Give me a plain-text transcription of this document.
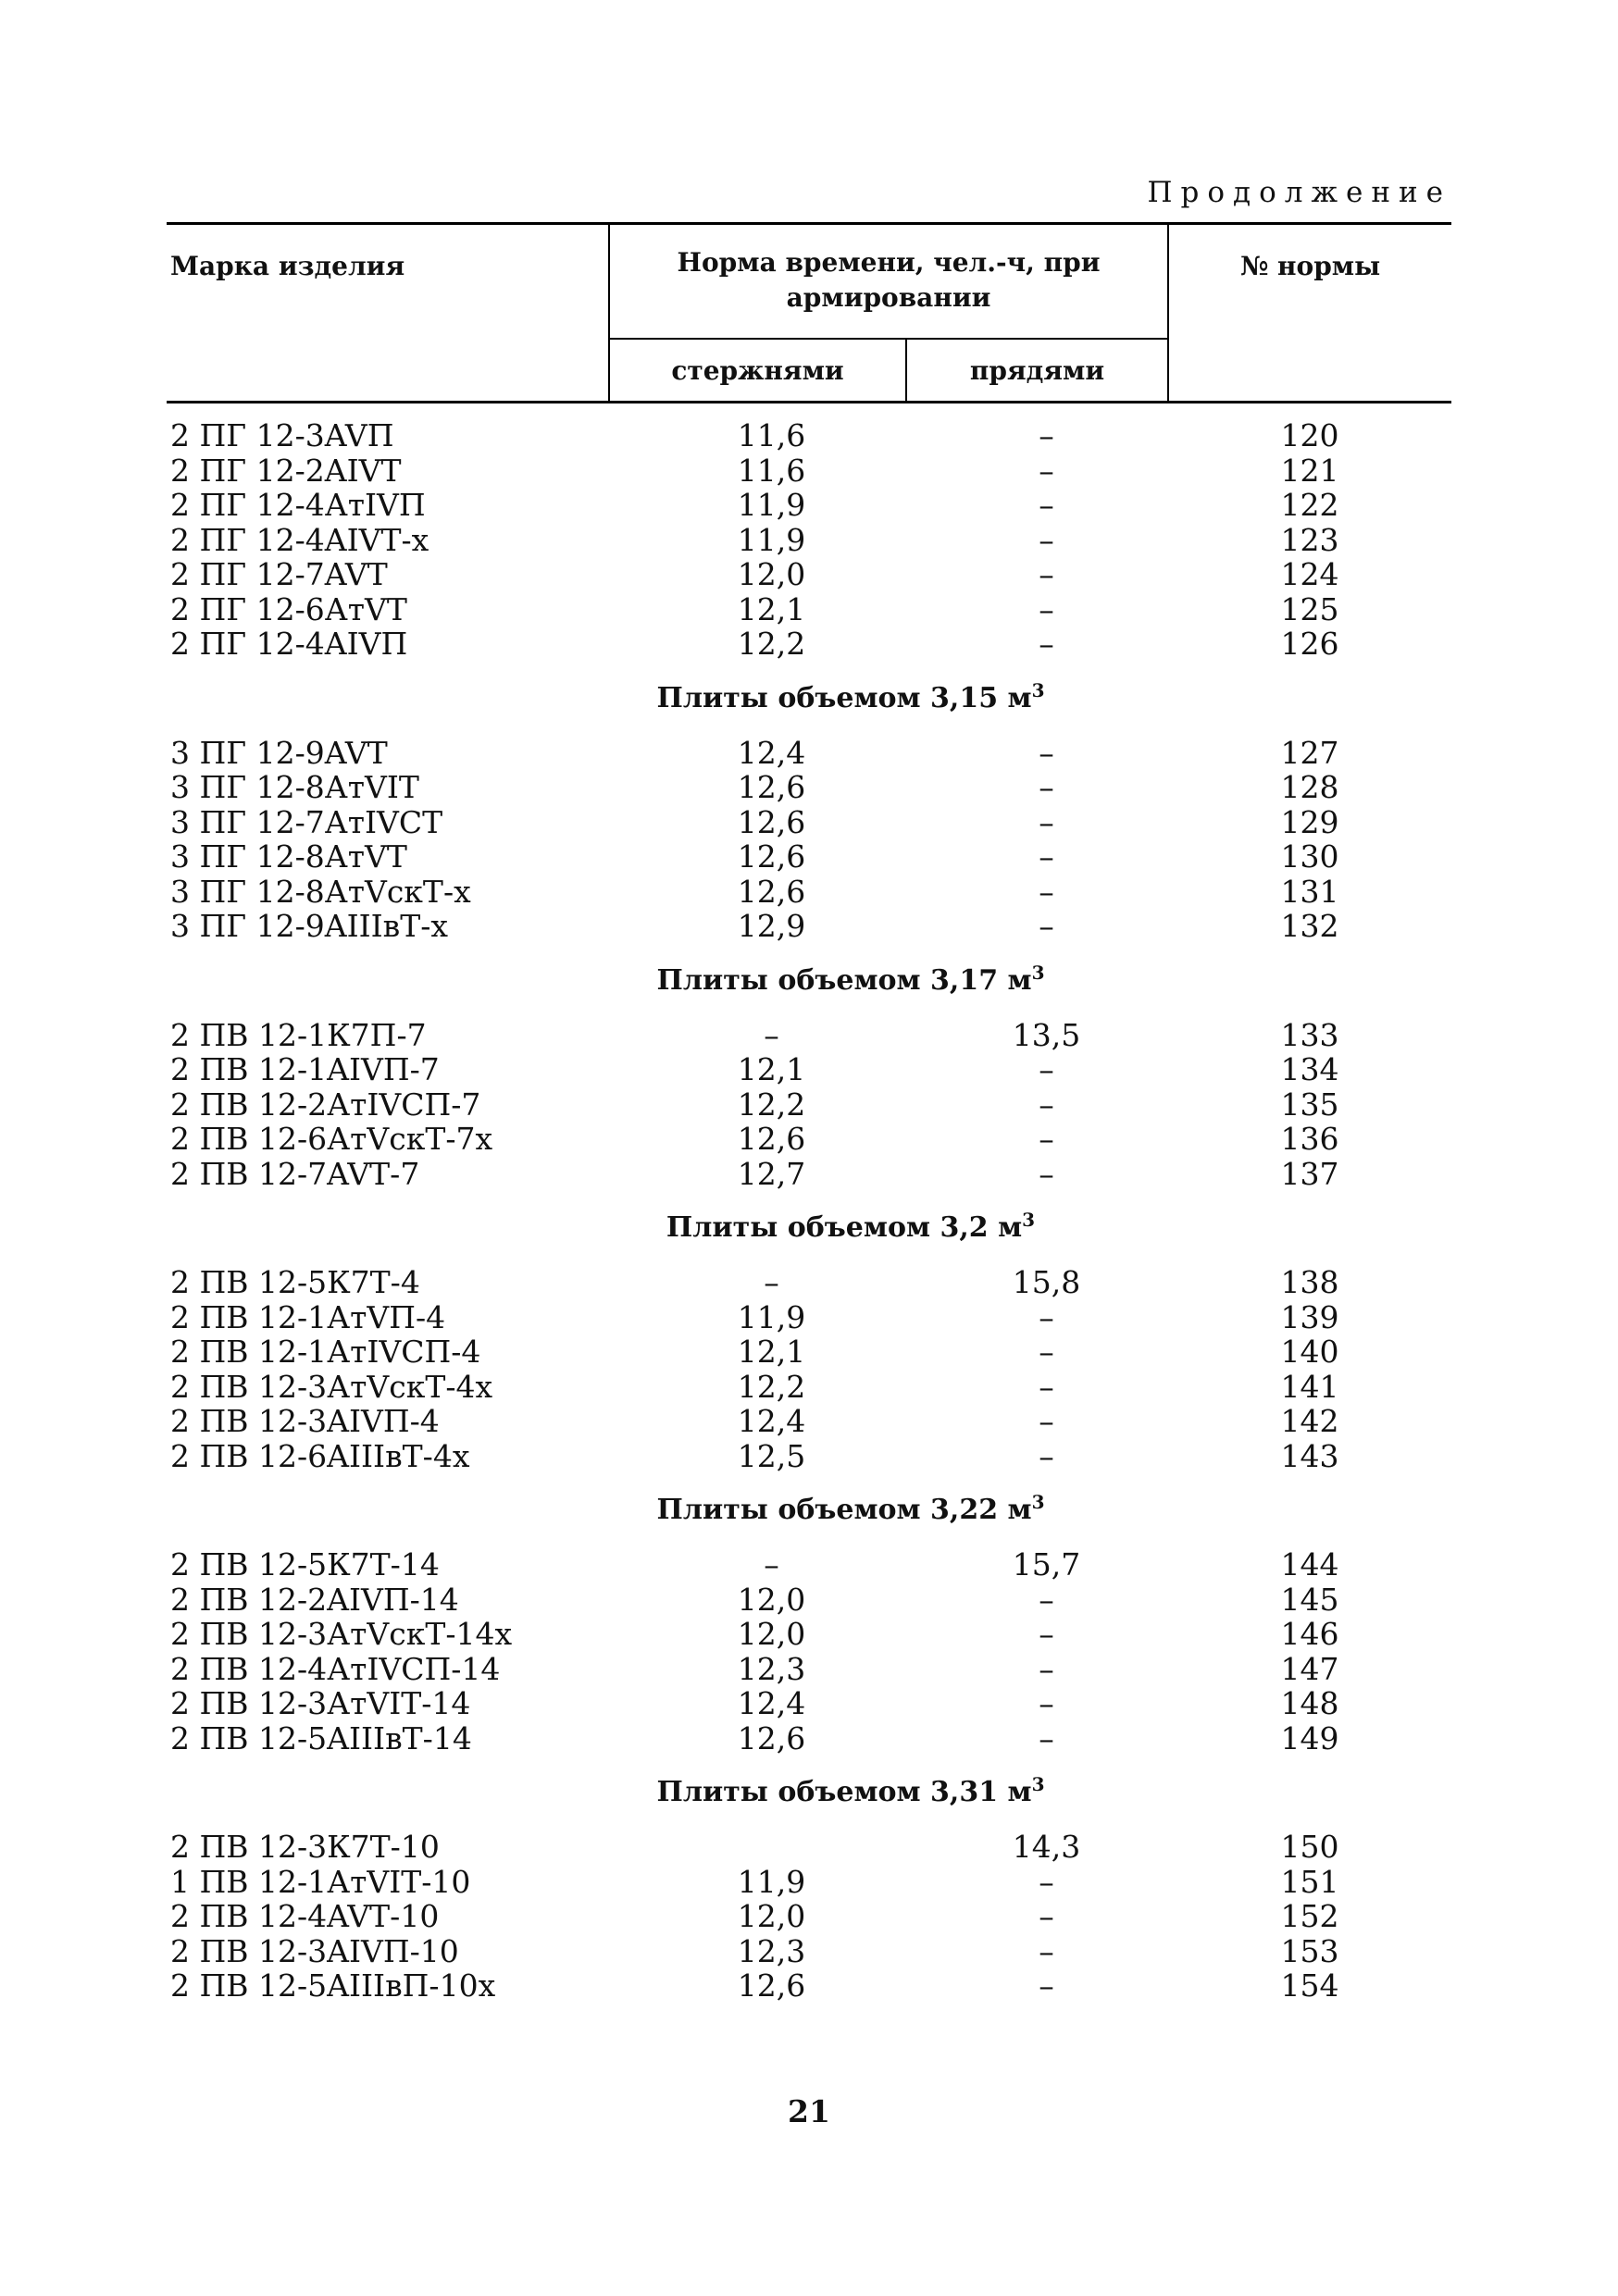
Продолжение
Марка изделия	Норма времени, чел.-ч, при армировании		№ нормы
	стержнями	прядями	
2 ПГ 12-3AVП	11,6	–	120
2 ПГ 12-2AIVТ	11,6	–	121
2 ПГ 12-4АтIVП	11,9	–	122
2 ПГ 12-4AIVТ-х	11,9	–	123
2 ПГ 12-7AVТ	12,0	–	124
2 ПГ 12-6АтVТ	12,1	–	125
2 ПГ 12-4AIVП	12,2	–	126
Плиты объемом 3,15 $м^3$
3 ПГ 12-9AVТ	12,4	–	127
3 ПГ 12-8АтVIТ	12,6	–	128
3 ПГ 12-7АтIVСТ	12,6	–	129
3 ПГ 12-8АтVТ	12,6	–	130
3 ПГ 12-8АтVскТ-х	12,6	–	131
3 ПГ 12-9AIIIвТ-х	12,9	–	132
Плиты объемом 3,17 $м^3$
2 ПВ 12-1К7П-7	–	13,5	133
2 ПВ 12-1AIVП-7	12,1	–	134
2 ПВ 12-2АтIVСП-7	12,2	–	135
2 ПВ 12-6АтVскТ-7х	12,6	–	136
2 ПВ 12-7AVТ-7	12,7	–	137
Плиты объемом 3,2 $м^3$
2 ПВ 12-5К7Т-4	–	15,8	138
2 ПВ 12-1АтVП-4	11,9	–	139
2 ПВ 12-1АтIVСП-4	12,1	–	140
2 ПВ 12-3АтVскТ-4х	12,2	–	141
2 ПВ 12-3AIVП-4	12,4	–	142
2 ПВ 12-6AIIIвТ-4х	12,5	–	143
Плиты объемом 3,22 $м^3$
2 ПВ 12-5К7Т-14	–	15,7	144
2 ПВ 12-2AIVП-14	12,0	–	145
2 ПВ 12-3АтVскТ-14х	12,0	–	146
2 ПВ 12-4АтIVСП-14	12,3	–	147
2 ПВ 12-3АтVIТ-14	12,4	–	148
2 ПВ 12-5AIIIвТ-14	12,6	–	149
Плиты объемом 3,31 $м^3$
2 ПВ 12-3К7Т-10		14,3	150
1 ПВ 12-1АтVIТ-10	11,9	–	151
2 ПВ 12-4AVТ-10	12,0	–	152
2 ПВ 12-3AIVП-10	12,3	–	153
2 ПВ 12-5AIIIвП-10х	12,6	–	154
21
